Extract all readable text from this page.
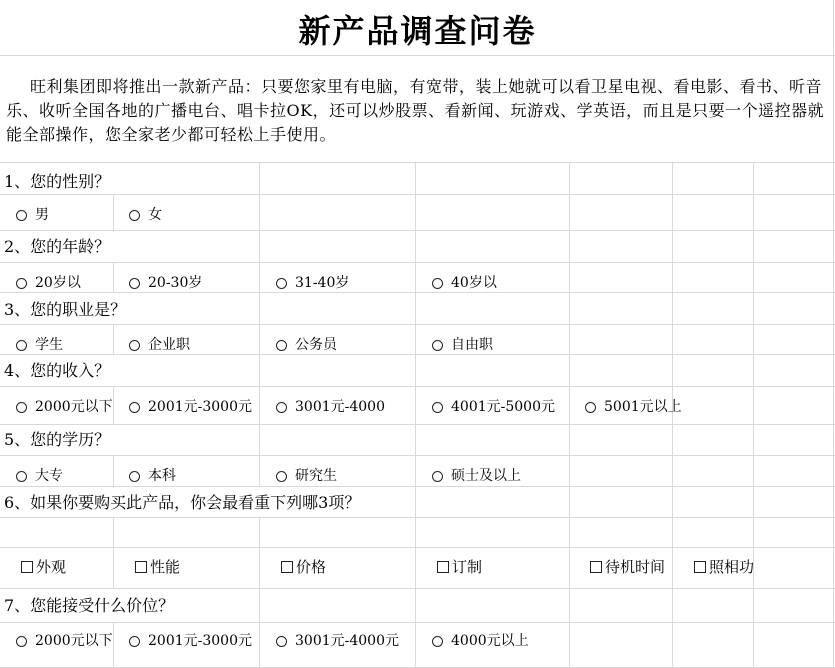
新产品调查问卷
旺利集团即将推出一款新产品：只要您家里有电脑，有宽带，装上她就可以看卫星电视、看电影、看书、听音乐、收听全国各地的广播电台、唱卡拉OK，还可以炒股票、看新闻、玩游戏、学英语，而且是只要一个遥控器就能全部操作，您全家老少都可轻松上手使用。
1、您的性别？
男	女
2、您的年龄？
20岁以	20-30岁	31-40岁	40岁以
3、您的职业是？
学生	企业职	公务员	自由职
4、您的收入？
2000元以下	2001元-3000元	3001元-4000	4001元-5000元	5001元以上
5、您的学历？
大专	本科	研究生	硕士及以上
6、如果你要购买此产品，你会最看重下列哪3项？
外观	性能	价格	订制	待机时间	照相功
7、您能接受什么价位？
2000元以下	2001元-3000元	3001元-4000元	4000元以上
